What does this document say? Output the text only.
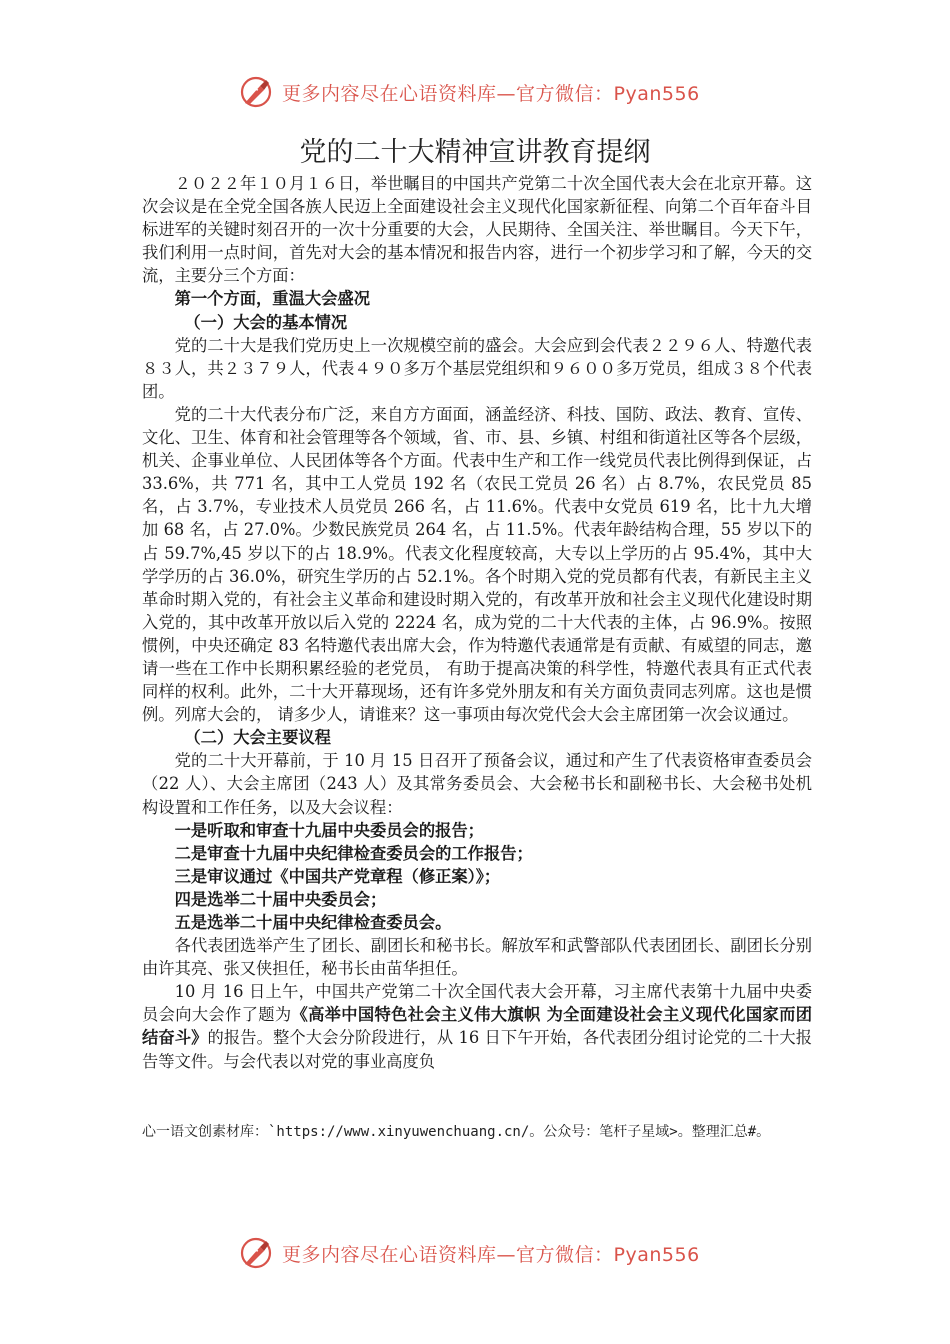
更多内容尽在心语资料库—官方微信：Pyan556
党的二十大精神宣讲教育提纲

２０２２年１０月１６日，举世瞩目的中国共产党第二十次全国代表大会在北京开幕。这次会议是在全党全国各族人民迈上全面建设社会主义现代化国家新征程、向第二个百年奋斗目标进军的关键时刻召开的一次十分重要的大会，人民期待、全国关注、举世瞩目。今天下午，我们利用一点时间，首先对大会的基本情况和报告内容，进行一个初步学习和了解，今天的交流，主要分三个方面：

第一个方面，重温大会盛况

（一）大会的基本情况

党的二十大是我们党历史上一次规模空前的盛会。大会应到会代表２２９６人、特邀代表８３人，共２３７９人，代表４９０多万个基层党组织和９６００多万党员，组成３８个代表团。

党的二十大代表分布广泛，来自方方面面，涵盖经济、科技、国防、政法、教育、宣传、文化、卫生、体育和社会管理等各个领域，省、市、县、乡镇、村组和街道社区等各个层级，机关、企事业单位、人民团体等各个方面。代表中生产和工作一线党员代表比例得到保证，占 33.6%，共 771 名，其中工人党员 192 名（农民工党员 26 名）占 8.7%，农民党员 85 名，占 3.7%，专业技术人员党员 266 名，占 11.6%。代表中女党员 619 名，比十九大增加 68 名，占 27.0%。少数民族党员 264 名，占 11.5%。代表年龄结构合理，55 岁以下的占 59.7%,45 岁以下的占 18.9%。代表文化程度较高，大专以上学历的占 95.4%，其中大学学历的占 36.0%，研究生学历的占 52.1%。各个时期入党的党员都有代表，有新民主主义革命时期入党的，有社会主义革命和建设时期入党的，有改革开放和社会主义现代化建设时期入党的，其中改革开放以后入党的 2224 名，成为党的二十大代表的主体，占 96.9%。按照惯例，中央还确定 83 名特邀代表出席大会，作为特邀代表通常是有贡献、有威望的同志，邀请一些在工作中长期积累经验的老党员， 有助于提高决策的科学性，特邀代表具有正式代表同样的权利。此外，二十大开幕现场，还有许多党外朋友和有关方面负责同志列席。这也是惯例。列席大会的， 请多少人，请谁来？这一事项由每次党代会大会主席团第一次会议通过。

（二）大会主要议程

党的二十大开幕前，于 10 月 15 日召开了预备会议，通过和产生了代表资格审查委员会（22 人）、大会主席团（243 人）及其常务委员会、大会秘书长和副秘书长、大会秘书处机构设置和工作任务，以及大会议程：

一是听取和审查十九届中央委员会的报告；

二是审查十九届中央纪律检查委员会的工作报告；

三是审议通过《中国共产党章程（修正案）》；

四是选举二十届中央委员会；

五是选举二十届中央纪律检查委员会。

各代表团选举产生了团长、副团长和秘书长。解放军和武警部队代表团团长、副团长分别由许其亮、张又侠担任，秘书长由苗华担任。

10 月 16 日上午，中国共产党第二十次全国代表大会开幕，习主席代表第十九届中央委员会向大会作了题为《高举中国特色社会主义伟大旗帜 为全面建设社会主义现代化国家而团结奋斗》的报告。整个大会分阶段进行，从 16 日下午开始，各代表团分组讨论党的二十大报告等文件。与会代表以对党的事业高度负

心一语文创素材库：`https://www.xinyuwenchuang.cn/。公众号：笔杆子星域>。整理汇总#。
更多内容尽在心语资料库—官方微信：Pyan556
